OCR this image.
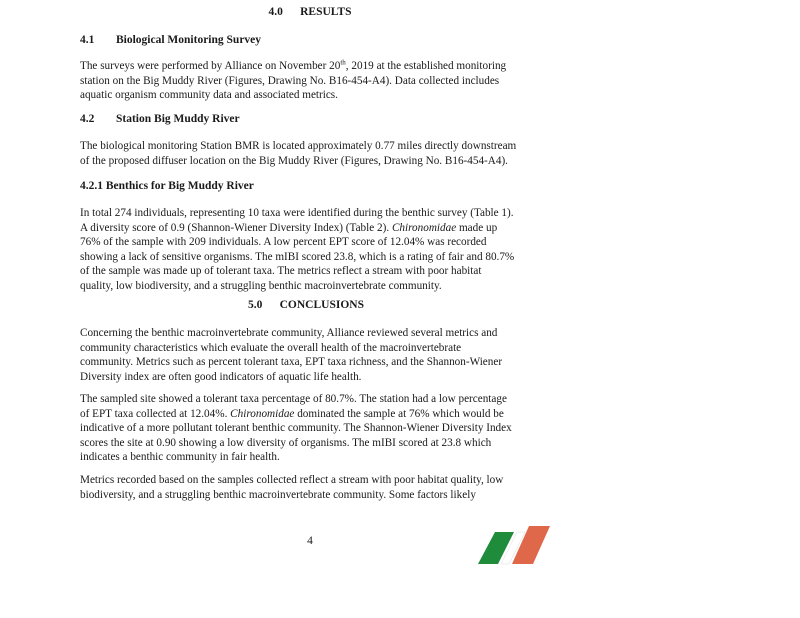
4.0 RESULTS
4.1 Biological Monitoring Survey
The surveys were performed by Alliance on November 20th, 2019 at the established monitoring
station on the Big Muddy River (Figures, Drawing No. B16-454-A4). Data collected includes
aquatic organism community data and associated metrics.
4.2 Station Big Muddy River
The biological monitoring Station BMR is located approximately 0.77 miles directly downstream
of the proposed diffuser location on the Big Muddy River (Figures, Drawing No. B16-454-A4).
4.2.1 Benthics for Big Muddy River
In total 274 individuals, representing 10 taxa were identified during the benthic survey (Table 1).
A diversity score of 0.9 (Shannon-Wiener Diversity Index) (Table 2). Chironomidae made up
76% of the sample with 209 individuals. A low percent EPT score of 12.04% was recorded
showing a lack of sensitive organisms. The mIBI scored 23.8, which is a rating of fair and 80.7%
of the sample was made up of tolerant taxa. The metrics reflect a stream with poor habitat
quality, low biodiversity, and a struggling benthic macroinvertebrate community.
5.0 CONCLUSIONS
Concerning the benthic macroinvertebrate community, Alliance reviewed several metrics and
community characteristics which evaluate the overall health of the macroinvertebrate
community. Metrics such as percent tolerant taxa, EPT taxa richness, and the Shannon-Wiener
Diversity index are often good indicators of aquatic life health.
The sampled site showed a tolerant taxa percentage of 80.7%. The station had a low percentage
of EPT taxa collected at 12.04%. Chironomidae dominated the sample at 76% which would be
indicative of a more pollutant tolerant benthic community. The Shannon-Wiener Diversity Index
scores the site at 0.90 showing a low diversity of organisms. The mIBI scored at 23.8 which
indicates a benthic community in fair health.
Metrics recorded based on the samples collected reflect a stream with poor habitat quality, low
biodiversity, and a struggling benthic macroinvertebrate community. Some factors likely
4
